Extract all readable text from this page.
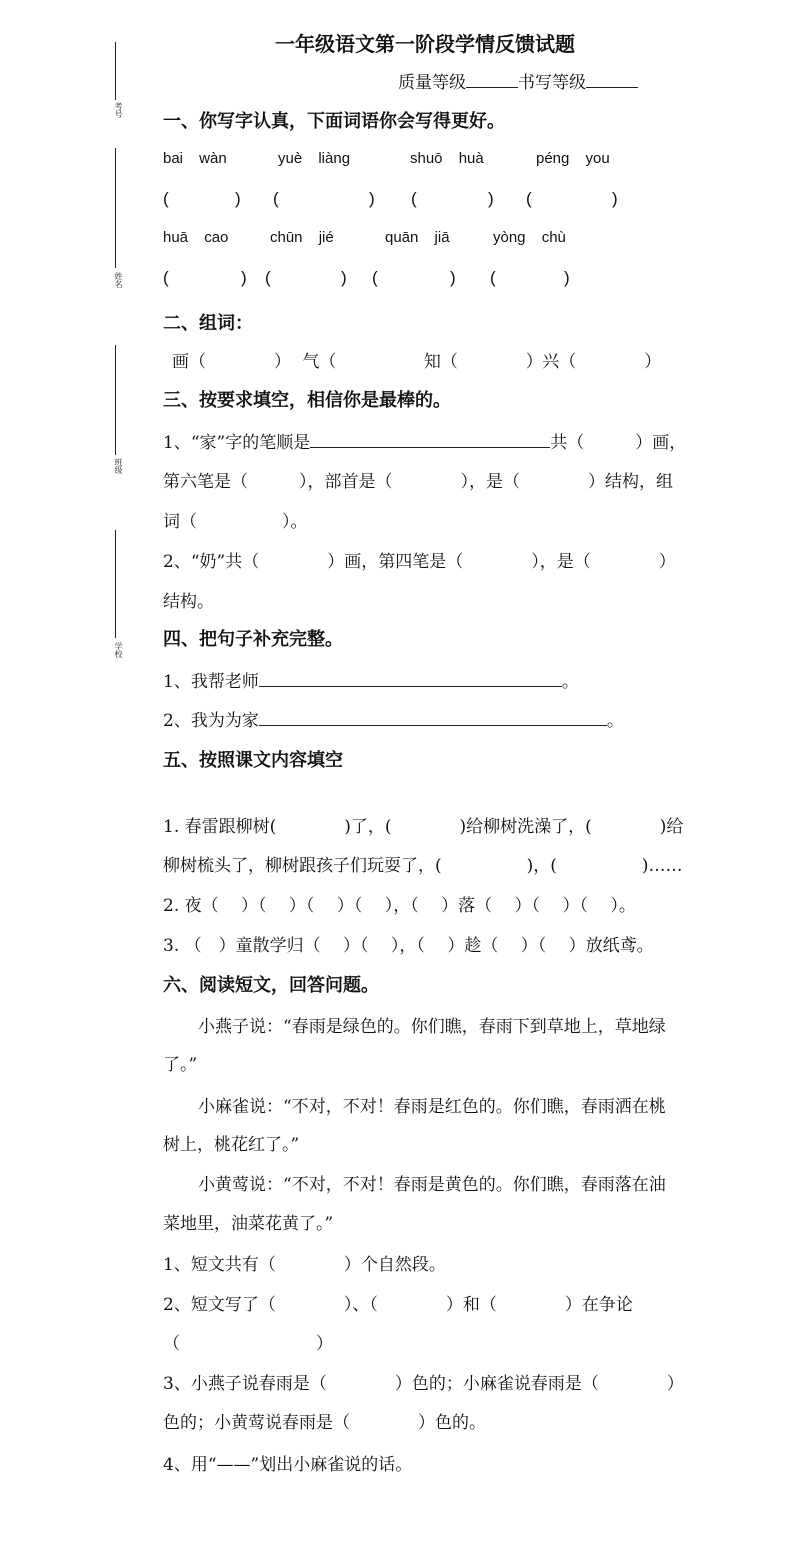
考号
姓名
班级
学校
一年级语文第一阶段学情反馈试题
质量等级	书写等级
一、你写字认真，下面词语你会写得更好。
bai wàn	yuè liàng	shuō huà	péng you
(	) (	) (	) (	)
huā cao	chūn jié	quān jiā	yòng chù
(	) (	) (	) (	)
二、组词：
画（　　　　） 气（	知（　　　　） 兴（　　　　）
三、按要求填空，相信你是最棒的。
1、“家”字的笔顺是	共（　　　）画，
第六笔是（　　　），部首是（　　　　），是（　　　　）结构，组
词（　　　　　）。
2、“奶”共（　　　　）画，第四笔是（　　　　），是（　　　　）
结构。
四、把句子补充完整。
1、我帮老师	。
2、我为为家	。
五、按照课文内容填空
1. 春雷跟柳树(　　　　)了，(　　　　)给柳树洗澡了，(　　　　)给
柳树梳头了，柳树跟孩子们玩耍了，(　　　　　)，(　　　　　)……
2. 夜（　 ）（　 ）（　 ）（　 ），（　 ）落（　 ）（　 ）（　 ）。
3. （　）童散学归（　 ）（　 ），（　 ）趁（　 ）（　 ）放纸鸢。
六、阅读短文，回答问题。
小燕子说：“春雨是绿色的。你们瞧，春雨下到草地上，草地绿
了。”
小麻雀说：“不对，不对！春雨是红色的。你们瞧，春雨洒在桃
树上，桃花红了。”
小黄莺说：“不对，不对！春雨是黄色的。你们瞧，春雨落在油
菜地里，油菜花黄了。”
1、短文共有（　　　　）个自然段。
2、短文写了（　　　　）、（　　　　）和（　　　　）在争论
（　　　　　　　　）
3、小燕子说春雨是（　　　　）色的；小麻雀说春雨是（　　　　）
色的；小黄莺说春雨是（　　　　）色的。
4、用“——”划出小麻雀说的话。
